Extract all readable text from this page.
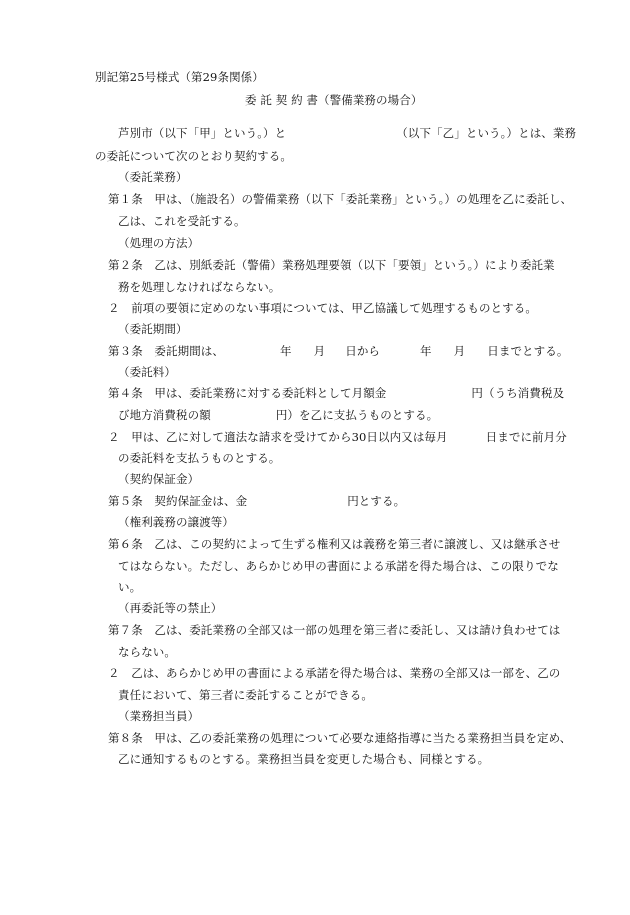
別記第25号様式（第29条関係）
委 託 契 約 書（警備業務の場合）
芦別市（以下「甲」という。）と	（以下「乙」という。）とは、業務
の委託について次のとおり契約する。
（委託業務）
第１条　甲は、（施設名）の警備業務（以下「委託業務」という。）の処理を乙に委託し、
乙は、これを受託する。
（処理の方法）
第２条　乙は、別紙委託（警備）業務処理要領（以下「要領」という。）により委託業
務を処理しなければならない。
２　前項の要領に定めのない事項については、甲乙協議して処理するものとする。
（委託期間）
第３条　委託期間は、	年 月 日から	年 月 日までとする。
（委託料）
第４条　甲は、委託業務に対する委託料として月額金	円（うち消費税及
び地方消費税の額	円）を乙に支払うものとする。
２　甲は、乙に対して適法な請求を受けてから30日以内又は毎月	日までに前月分
の委託料を支払うものとする。
（契約保証金）
第５条　契約保証金は、金	円とする。
（権利義務の譲渡等）
第６条　乙は、この契約によって生ずる権利又は義務を第三者に譲渡し、又は継承させ
てはならない。ただし、あらかじめ甲の書面による承諾を得た場合は、この限りでな
い。
（再委託等の禁止）
第７条　乙は、委託業務の全部又は一部の処理を第三者に委託し、又は請け負わせては
ならない。
２　乙は、あらかじめ甲の書面による承諾を得た場合は、業務の全部又は一部を、乙の
責任において、第三者に委託することができる。
（業務担当員）
第８条　甲は、乙の委託業務の処理について必要な連絡指導に当たる業務担当員を定め、
乙に通知するものとする。業務担当員を変更した場合も、同様とする。
